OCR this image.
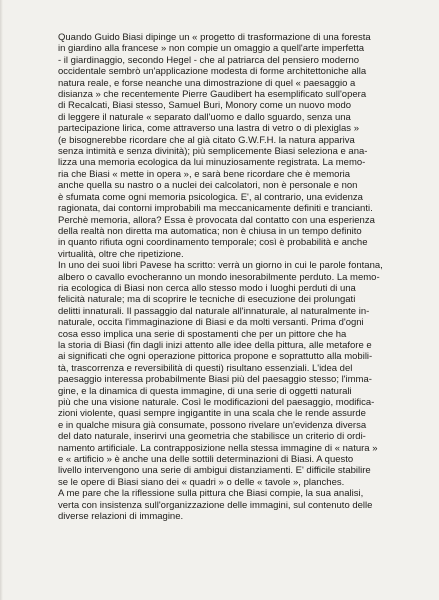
Quando Guido Biasi dipinge un « progetto di trasformazione di una foresta
in giardino alla francese » non compie un omaggio a quell'arte imperfetta
- il giardinaggio, secondo Hegel - che al patriarca del pensiero moderno
occidentale sembrò un'applicazione modesta di forme architettoniche alla
natura reale, e forse neanche una dimostrazione di quel « paesaggio a
disianza » che recentemente Pierre Gaudibert ha esemplificato sull'opera
di Recalcati, Biasi stesso, Samuel Buri, Monory come un nuovo modo
di leggere il naturale « separato dall'uomo e dallo sguardo, senza una
partecipazione lirica, come attraverso una lastra di vetro o di plexiglas »
(e bisognerebbe ricordare che al già citato G.W.F.H. la natura appariva
senza intimità e senza divinità); più semplicemente Biasi seleziona e ana-
lizza una memoria ecologica da lui minuziosamente registrata. La memo-
ria che Biasi « mette in opera », e sarà bene ricordare che è memoria
anche quella su nastro o a nuclei dei calcolatori, non è personale e non
è sfumata come ogni memoria psicologica. E', al contrario, una evidenza
ragionata, dai contorni improbabili ma meccanicamente definiti e trancianti.
Perchè memoria, allora? Essa è provocata dal contatto con una esperienza
della realtà non diretta ma automatica; non è chiusa in un tempo definito
in quanto rifiuta ogni coordinamento temporale; così è probabilità e anche
virtualità, oltre che ripetizione.

In uno dei suoi libri Pavese ha scritto: verrà un giorno in cui le parole fontana,
albero o cavallo evocheranno un mondo inesorabilmente perduto. La memo-
ria ecologica di Biasi non cerca allo stesso modo i luoghi perduti di una
felicità naturale; ma di scoprire le tecniche di esecuzione dei prolungati
delitti innaturali. Il passaggio dal naturale all'innaturale, al naturalmente in-
naturale, occita l'immaginazione di Biasi e da molti versanti. Prima d'ogni
cosa esso implica una serie di spostamenti che per un pittore che ha
la storia di Biasi (fin dagli inizi attento alle idee della pittura, alle metafore e
ai significati che ogni operazione pittorica propone e soprattutto alla mobili-
tà, trascorrenza e reversibilità di questi) risultano essenziali. L'idea del
paesaggio interessa probabilmente Biasi più del paesaggio stesso; l'imma-
gine, e la dinamica di questa immagine, di una serie di oggetti naturali
più che una visione naturale. Così le modificazioni del paesaggio, modifica-
zioni violente, quasi sempre ingigantite in una scala che le rende assurde
e in qualche misura già consumate, possono rivelare un'evidenza diversa
del dato naturale, inserirvi una geometria che stabilisce un criterio di ordi-
namento artificiale. La contrapposizione nella stessa immagine di « natura »
e « artificio » è anche una delle sottili determinazioni di Biasi. A questo
livello intervengono una serie di ambigui distanziamenti. E' difficile stabilire
se le opere di Biasi siano dei « quadri » o delle « tavole », planches.
A me pare che la riflessione sulla pittura che Biasi compie, la sua analisi,
verta con insistenza sull'organizzazione delle immagini, sul contenuto delle
diverse relazioni di immagine.
